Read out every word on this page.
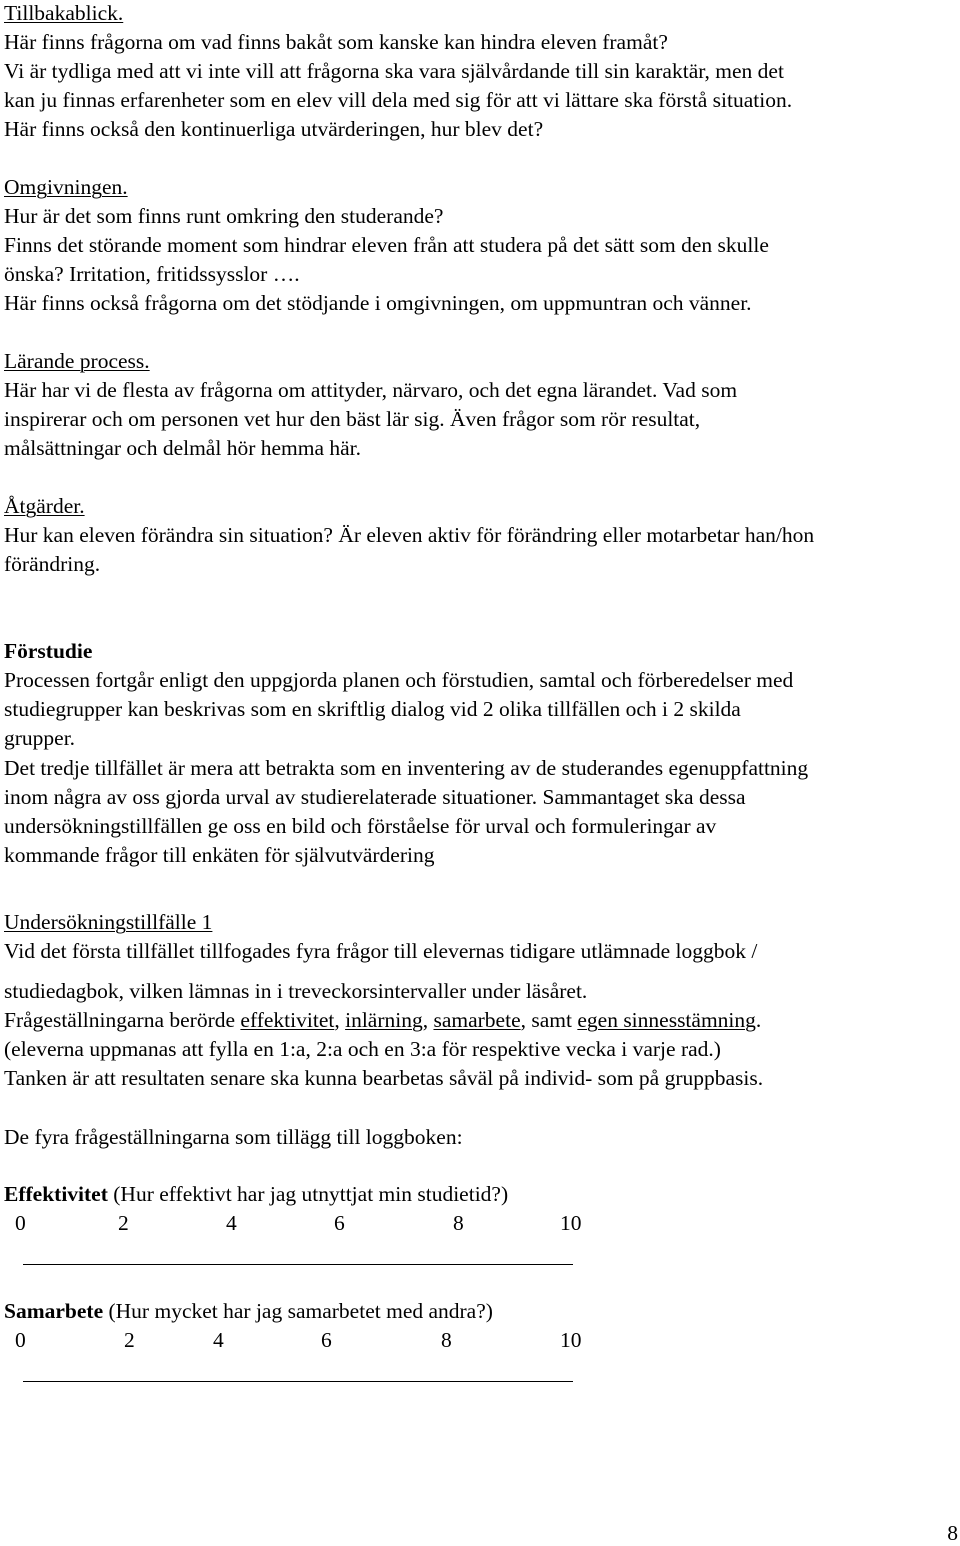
Tillbakablick.
Här finns frågorna om vad finns bakåt som kanske kan hindra eleven framåt?
Vi är tydliga med att vi inte vill att frågorna ska vara självårdande till sin karaktär, men det
kan ju finnas erfarenheter som en elev vill dela med sig för att vi lättare ska förstå situation.
Här finns också den kontinuerliga utvärderingen, hur blev det?
Omgivningen.
Hur är det som finns runt omkring den studerande?
Finns det störande moment som hindrar eleven från att studera på det sätt som den skulle
önska? Irritation, fritidssysslor ….
Här finns också frågorna om det stödjande i omgivningen, om uppmuntran och vänner.
Lärande process.
Här har vi de flesta av frågorna om attityder, närvaro, och det egna lärandet. Vad som
inspirerar och om personen vet hur den bäst lär sig. Även frågor som rör resultat,
målsättningar och delmål hör hemma här.
Åtgärder.
Hur kan eleven förändra sin situation? Är eleven aktiv för förändring eller motarbetar han/hon
förändring.
Förstudie
Processen fortgår enligt den uppgjorda planen och förstudien, samtal och förberedelser med
studiegrupper kan beskrivas som en skriftlig dialog vid 2 olika tillfällen och i 2 skilda
grupper.
Det tredje tillfället är mera att betrakta som en inventering av de studerandes egenuppfattning
inom några av oss gjorda urval av studierelaterade situationer. Sammantaget ska dessa
undersökningstillfällen ge oss en bild och förståelse för urval och formuleringar av
kommande frågor till enkäten för självutvärdering
Undersökningstillfälle 1
Vid det första tillfället tillfogades fyra frågor till elevernas tidigare utlämnade loggbok /
studiedagbok, vilken lämnas in i treveckorsintervaller under läsåret.
Frågeställningarna berörde effektivitet, inlärning, samarbete, samt egen sinnesstämning.
(eleverna uppmanas att fylla en 1:a, 2:a och en 3:a för respektive vecka i varje rad.)
Tanken är att resultaten senare ska kunna bearbetas såväl på individ- som på gruppbasis.
De fyra frågeställningarna som tillägg till loggboken:
Effektivitet (Hur effektivt har jag utnyttjat min studietid?)
0	2	4	6	8	10
Samarbete (Hur mycket har jag samarbetet med andra?)
0	2	4	6	8	10
8
